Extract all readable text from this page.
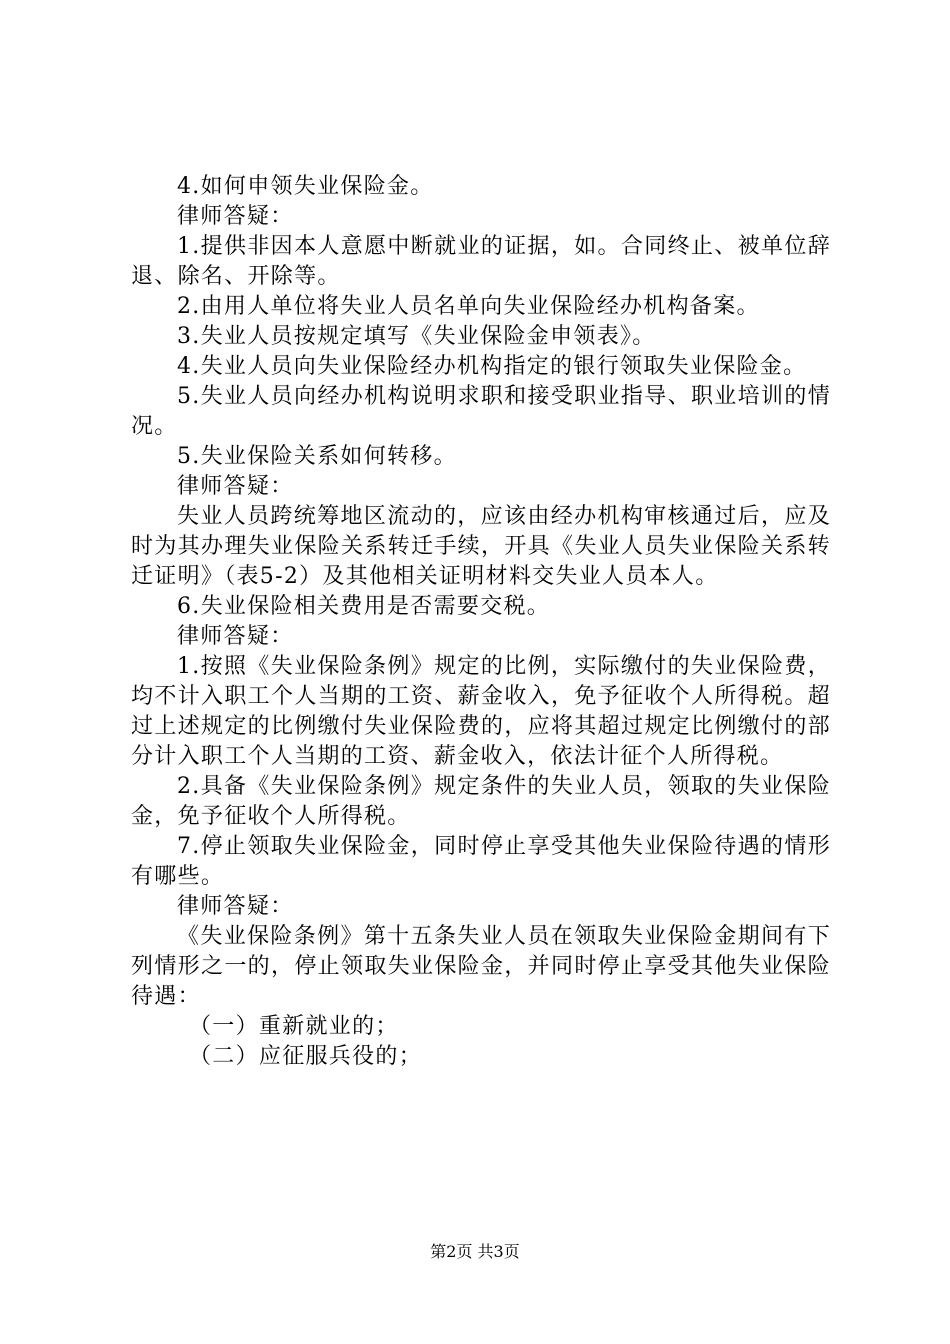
4.如何申领失业保险金。

律师答疑：

1.提供非因本人意愿中断就业的证据，如。合同终止、被单位辞退、除名、开除等。

2.由用人单位将失业人员名单向失业保险经办机构备案。

3.失业人员按规定填写《失业保险金申领表》。

4.失业人员向失业保险经办机构指定的银行领取失业保险金。

5.失业人员向经办机构说明求职和接受职业指导、职业培训的情况。

5.失业保险关系如何转移。

律师答疑：

失业人员跨统筹地区流动的，应该由经办机构审核通过后，应及时为其办理失业保险关系转迁手续，开具《失业人员失业保险关系转迁证明》（表5-2）及其他相关证明材料交失业人员本人。

6.失业保险相关费用是否需要交税。

律师答疑：

1.按照《失业保险条例》规定的比例，实际缴付的失业保险费，均不计入职工个人当期的工资、薪金收入，免予征收个人所得税。超过上述规定的比例缴付失业保险费的，应将其超过规定比例缴付的部分计入职工个人当期的工资、薪金收入，依法计征个人所得税。

2.具备《失业保险条例》规定条件的失业人员，领取的失业保险金，免予征收个人所得税。

7.停止领取失业保险金，同时停止享受其他失业保险待遇的情形有哪些。

律师答疑：

《失业保险条例》第十五条失业人员在领取失业保险金期间有下列情形之一的，停止领取失业保险金，并同时停止享受其他失业保险待遇：

（一）重新就业的；

（二）应征服兵役的；

第2页 共3页
